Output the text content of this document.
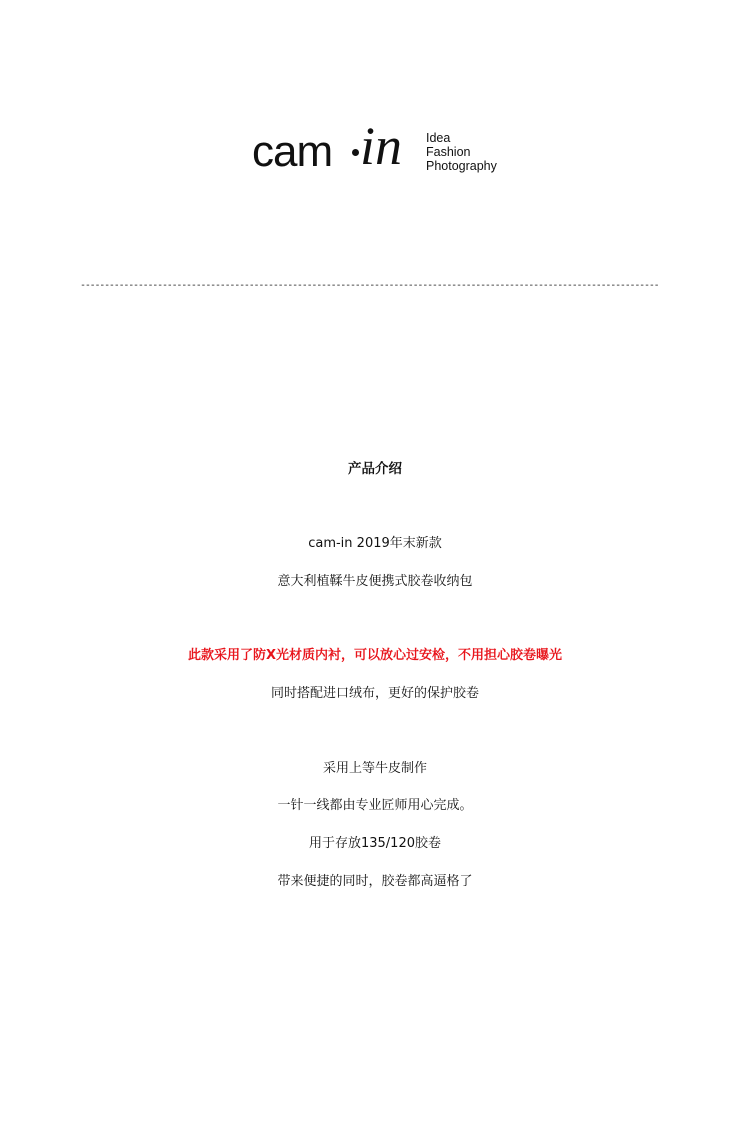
cam in Idea
Fashion
Photography
------------------------------------------------------------------------------------------------------------------------
产品介绍
cam-in 2019年末新款
意大利植鞣牛皮便携式胶卷收纳包
此款采用了防X光材质内衬，可以放心过安检，不用担心胶卷曝光
同时搭配进口绒布，更好的保护胶卷
采用上等牛皮制作
一针一线都由专业匠师用心完成。
用于存放135/120胶卷
带来便捷的同时，胶卷都高逼格了
